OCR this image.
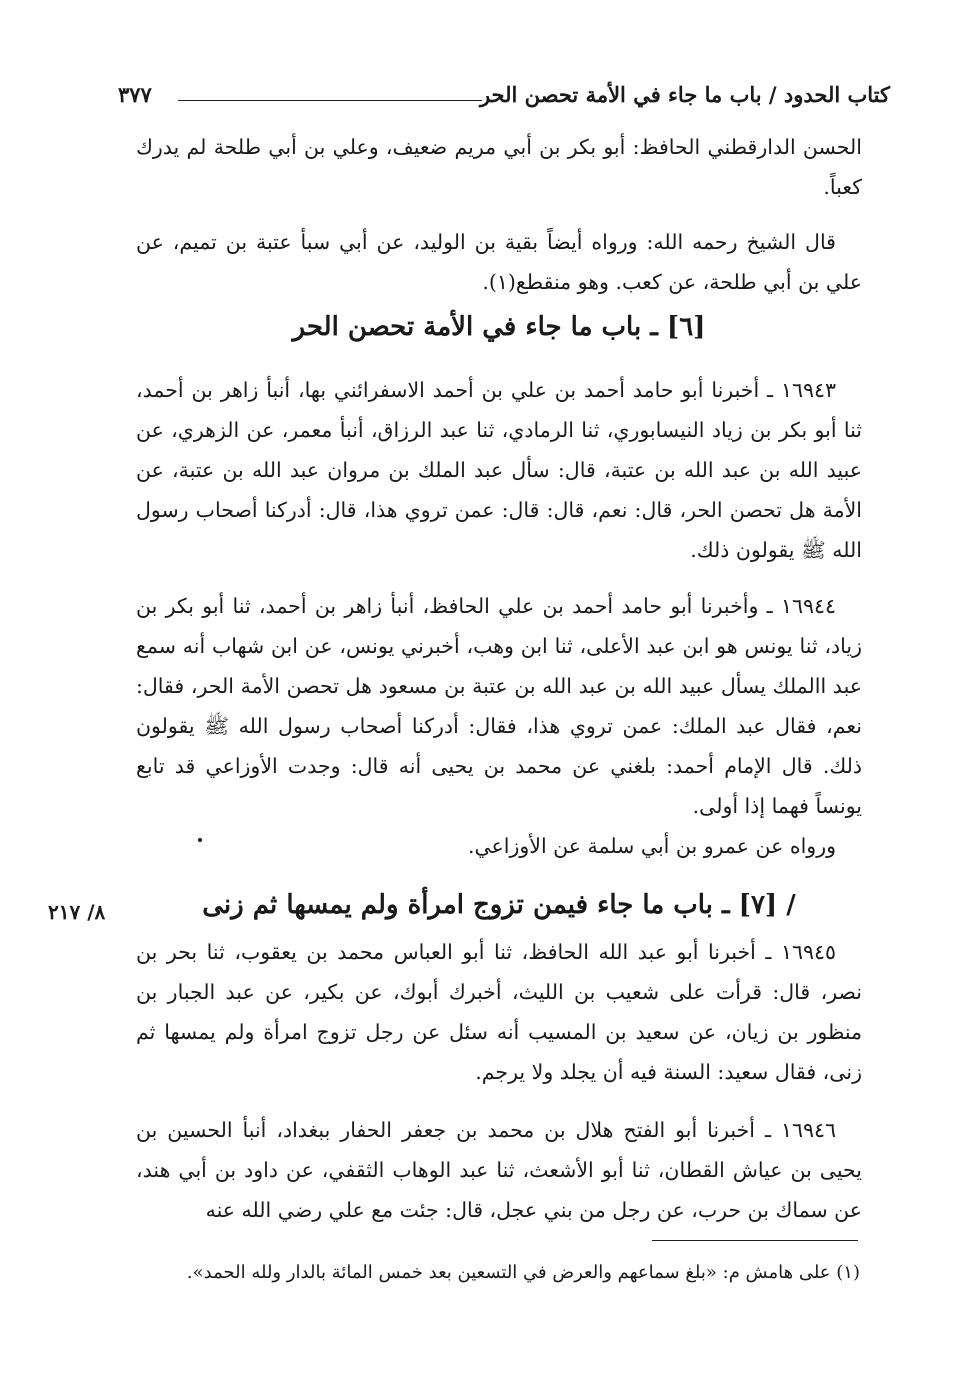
كتاب الحدود / باب ما جاء في الأمة تحصن الحر
٣٧٧
الحسن الدارقطني الحافظ: أبو بكر بن أبي مريم ضعيف، وعلي بن أبي طلحة لم يدرك كعباً.
قال الشيخ رحمه الله: ورواه أيضاً بقية بن الوليد، عن أبي سبأ عتبة بن تميم، عن علي بن أبي طلحة، عن كعب. وهو منقطع(١).
[٦] ـ باب ما جاء في الأمة تحصن الحر
١٦٩٤٣ ـ أخبرنا أبو حامد أحمد بن علي بن أحمد الاسفرائني بها، أنبأ زاهر بن أحمد، ثنا أبو بكر بن زياد النيسابوري، ثنا الرمادي، ثنا عبد الرزاق، أنبأ معمر، عن الزهري، عن عبيد الله بن عبد الله بن عتبة، قال: سأل عبد الملك بن مروان عبد الله بن عتبة، عن الأمة هل تحصن الحر، قال: نعم، قال: قال: عمن تروي هذا، قال: أدركنا أصحاب رسول الله ﷺ يقولون ذلك.
١٦٩٤٤ ـ وأخبرنا أبو حامد أحمد بن علي الحافظ، أنبأ زاهر بن أحمد، ثنا أبو بكر بن زياد، ثنا يونس هو ابن عبد الأعلى، ثنا ابن وهب، أخبرني يونس، عن ابن شهاب أنه سمع عبد االملك يسأل عبيد الله بن عبد الله بن عتبة بن مسعود هل تحصن الأمة الحر، فقال: نعم، فقال عبد الملك: عمن تروي هذا، فقال: أدركنا أصحاب رسول الله ﷺ يقولون ذلك. قال الإمام أحمد: بلغني عن محمد بن يحيى أنه قال: وجدت الأوزاعي قد تابع يونساً فهما إذا أولى.
ورواه عن عمرو بن أبي سلمة عن الأوزاعي.
/ [٧] ـ باب ما جاء فيمن تزوج امرأة ولم يمسها ثم زنى
٨/ ٢١٧
١٦٩٤٥ ـ أخبرنا أبو عبد الله الحافظ، ثنا أبو العباس محمد بن يعقوب، ثنا بحر بن نصر، قال: قرأت على شعيب بن الليث، أخبرك أبوك، عن بكير، عن عبد الجبار بن منظور بن زيان، عن سعيد بن المسيب أنه سئل عن رجل تزوج امرأة ولم يمسها ثم زنى، فقال سعيد: السنة فيه أن يجلد ولا يرجم.
١٦٩٤٦ ـ أخبرنا أبو الفتح هلال بن محمد بن جعفر الحفار ببغداد، أنبأ الحسين بن يحيى بن عياش القطان، ثنا أبو الأشعث، ثنا عبد الوهاب الثقفي، عن داود بن أبي هند، عن سماك بن حرب، عن رجل من بني عجل، قال: جئت مع علي رضي الله عنه
(١) على هامش م: «بلغ سماعهم والعرض في التسعين بعد خمس المائة بالدار ولله الحمد».
